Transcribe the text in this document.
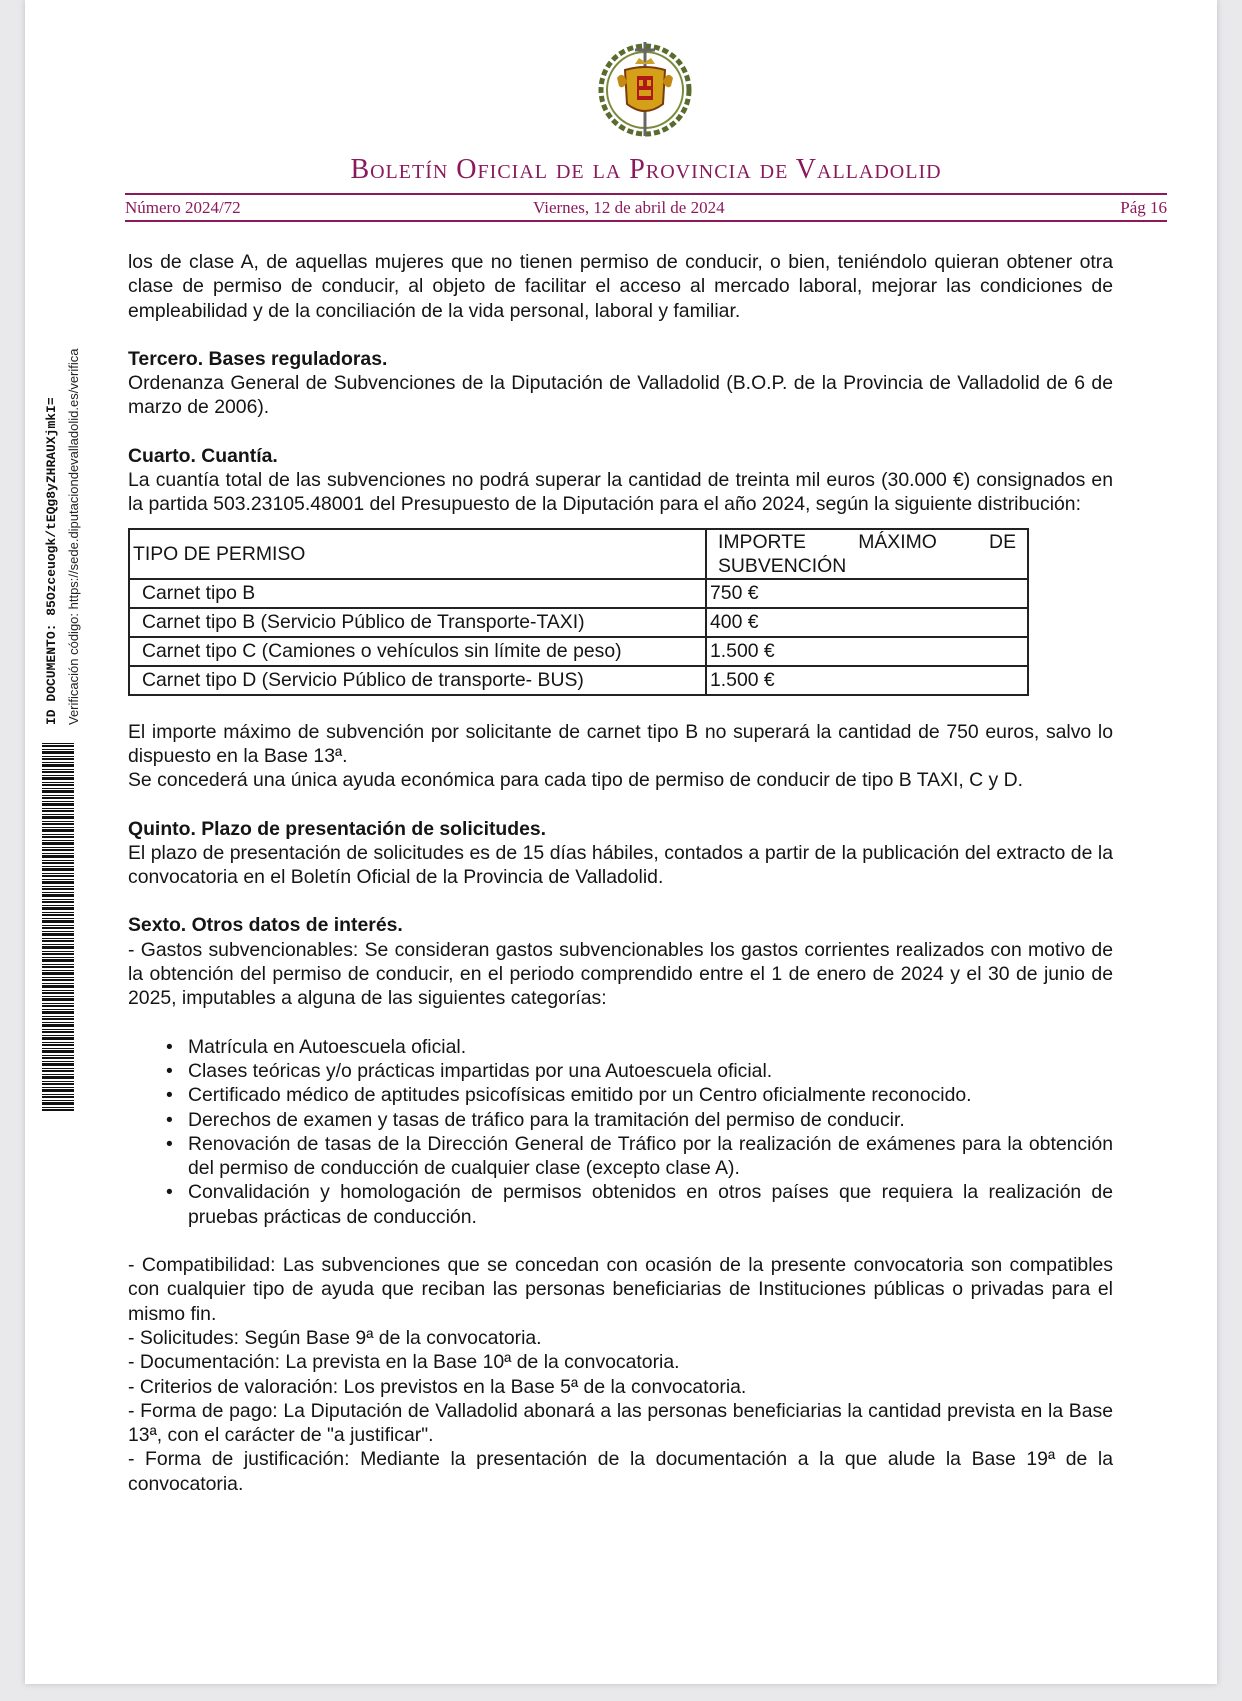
Boletín Oficial de la Provincia de Valladolid
Número 2024/72	Viernes, 12 de abril de 2024	Pág 16

los de clase A, de aquellas mujeres que no tienen permiso de conducir, o bien, teniéndolo quieran obtener otra clase de permiso de conducir, al objeto de facilitar el acceso al mercado laboral, mejorar las condiciones de empleabilidad y de la conciliación de la vida personal, laboral y familiar.

Tercero. Bases reguladoras.

Ordenanza General de Subvenciones de la Diputación de Valladolid (B.O.P. de la Provincia de Valladolid de 6 de marzo de 2006).

Cuarto. Cuantía.

La cuantía total de las subvenciones no podrá superar la cantidad de treinta mil euros (30.000 €) consignados en la partida 503.23105.48001 del Presupuesto de la Diputación para el año 2024, según la siguiente distribución:

TIPO DE PERMISO	IMPORTE MÁXIMO DE
SUBVENCIÓN
Carnet tipo B	750 €
Carnet tipo B (Servicio Público de Transporte-TAXI)	400 €
Carnet tipo C (Camiones o vehículos sin límite de peso)	1.500 €
Carnet tipo D (Servicio Público de transporte- BUS)	1.500 €

El importe máximo de subvención por solicitante de carnet tipo B no superará la cantidad de 750 euros, salvo lo dispuesto en la Base 13ª.

Se concederá una única ayuda económica para cada tipo de permiso de conducir de tipo B TAXI, C y D.

Quinto. Plazo de presentación de solicitudes.

El plazo de presentación de solicitudes es de 15 días hábiles, contados a partir de la publicación del extracto de la convocatoria en el Boletín Oficial de la Provincia de Valladolid.

Sexto. Otros datos de interés.

- Gastos subvencionables: Se consideran gastos subvencionables los gastos corrientes realizados con motivo de la obtención del permiso de conducir, en el periodo comprendido entre el 1 de enero de 2024 y el 30 de junio de 2025, imputables a alguna de las siguientes categorías:

• Matrícula en Autoescuela oficial.
• Clases teóricas y/o prácticas impartidas por una Autoescuela oficial.
• Certificado médico de aptitudes psicofísicas emitido por un Centro oficialmente reconocido.
• Derechos de examen y tasas de tráfico para la tramitación del permiso de conducir.
• Renovación de tasas de la Dirección General de Tráfico por la realización de exámenes para la obtención del permiso de conducción de cualquier clase (excepto clase A).
• Convalidación y homologación de permisos obtenidos en otros países que requiera la realización de pruebas prácticas de conducción.

- Compatibilidad: Las subvenciones que se concedan con ocasión de la presente convocatoria son compatibles con cualquier tipo de ayuda que reciban las personas beneficiarias de Instituciones públicas o privadas para el mismo fin.

- Solicitudes: Según Base 9ª de la convocatoria.

- Documentación: La prevista en la Base 10ª de la convocatoria.

- Criterios de valoración: Los previstos en la Base 5ª de la convocatoria.

- Forma de pago: La Diputación de Valladolid abonará a las personas beneficiarias la cantidad prevista en la Base 13ª, con el carácter de "a justificar".

- Forma de justificación: Mediante la presentación de la documentación a la que alude la Base 19ª de la convocatoria.

ID DOCUMENTO: 85Ozceuogk/tEQg8yZHRAUXjmkI= Verificación código: https://sede.diputaciondevalladolid.es/verifica
